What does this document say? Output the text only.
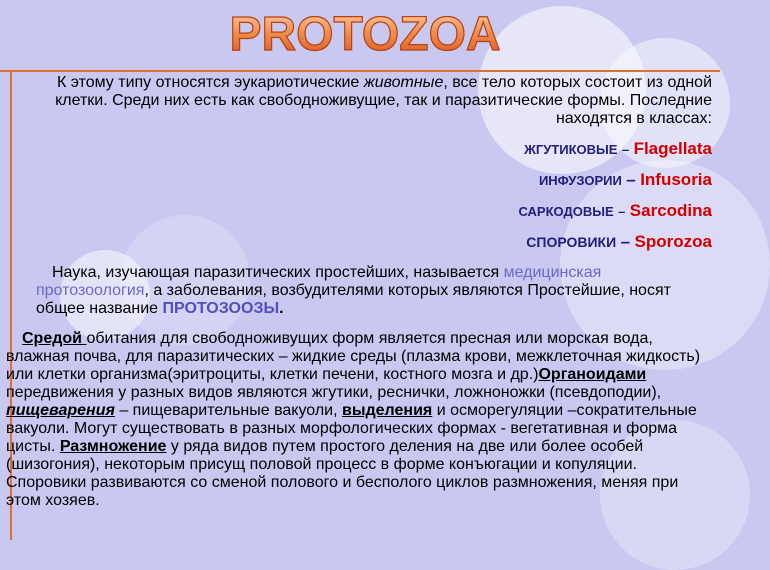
PROTOZOA

К этому типу относятся эукариотические животные, все тело которых состоит из одной клетки. Среди них есть как свободноживущие, так и паразитические формы. Последние находятся в классах:

ЖГУТИКОВЫЕ – Flagellata
ИНФУЗОРИИ – Infusoria
САРКОДОВЫЕ – Sarcodina
СПОРОВИКИ – Sporozoa

Наука, изучающая паразитических простейших, называется медицинская протозоология, а заболевания, возбудителями которых являются Простейшие, носят общее название ПРОТОЗООЗЫ.

Средой обитания для свободноживущих форм является пресная или морская вода, влажная почва, для паразитических – жидкие среды (плазма крови, межклеточная жидкость) или клетки организма(эритроциты, клетки печени, костного мозга и др.)Органоидами передвижения у разных видов являются жгутики, реснички, ложноножки (псевдоподии), пищеварения – пищеварительные вакуоли, выделения и осморегуляции –сократительные вакуоли. Могут существовать в разных морфологических формах - вегетативная и форма цисты. Размножение у ряда видов путем простого деления на две или более особей (шизогония), некоторым присущ половой процесс в форме конъюгации и копуляции. Споровики развиваются со сменой полового и бесполого циклов размножения, меняя при этом хозяев.
